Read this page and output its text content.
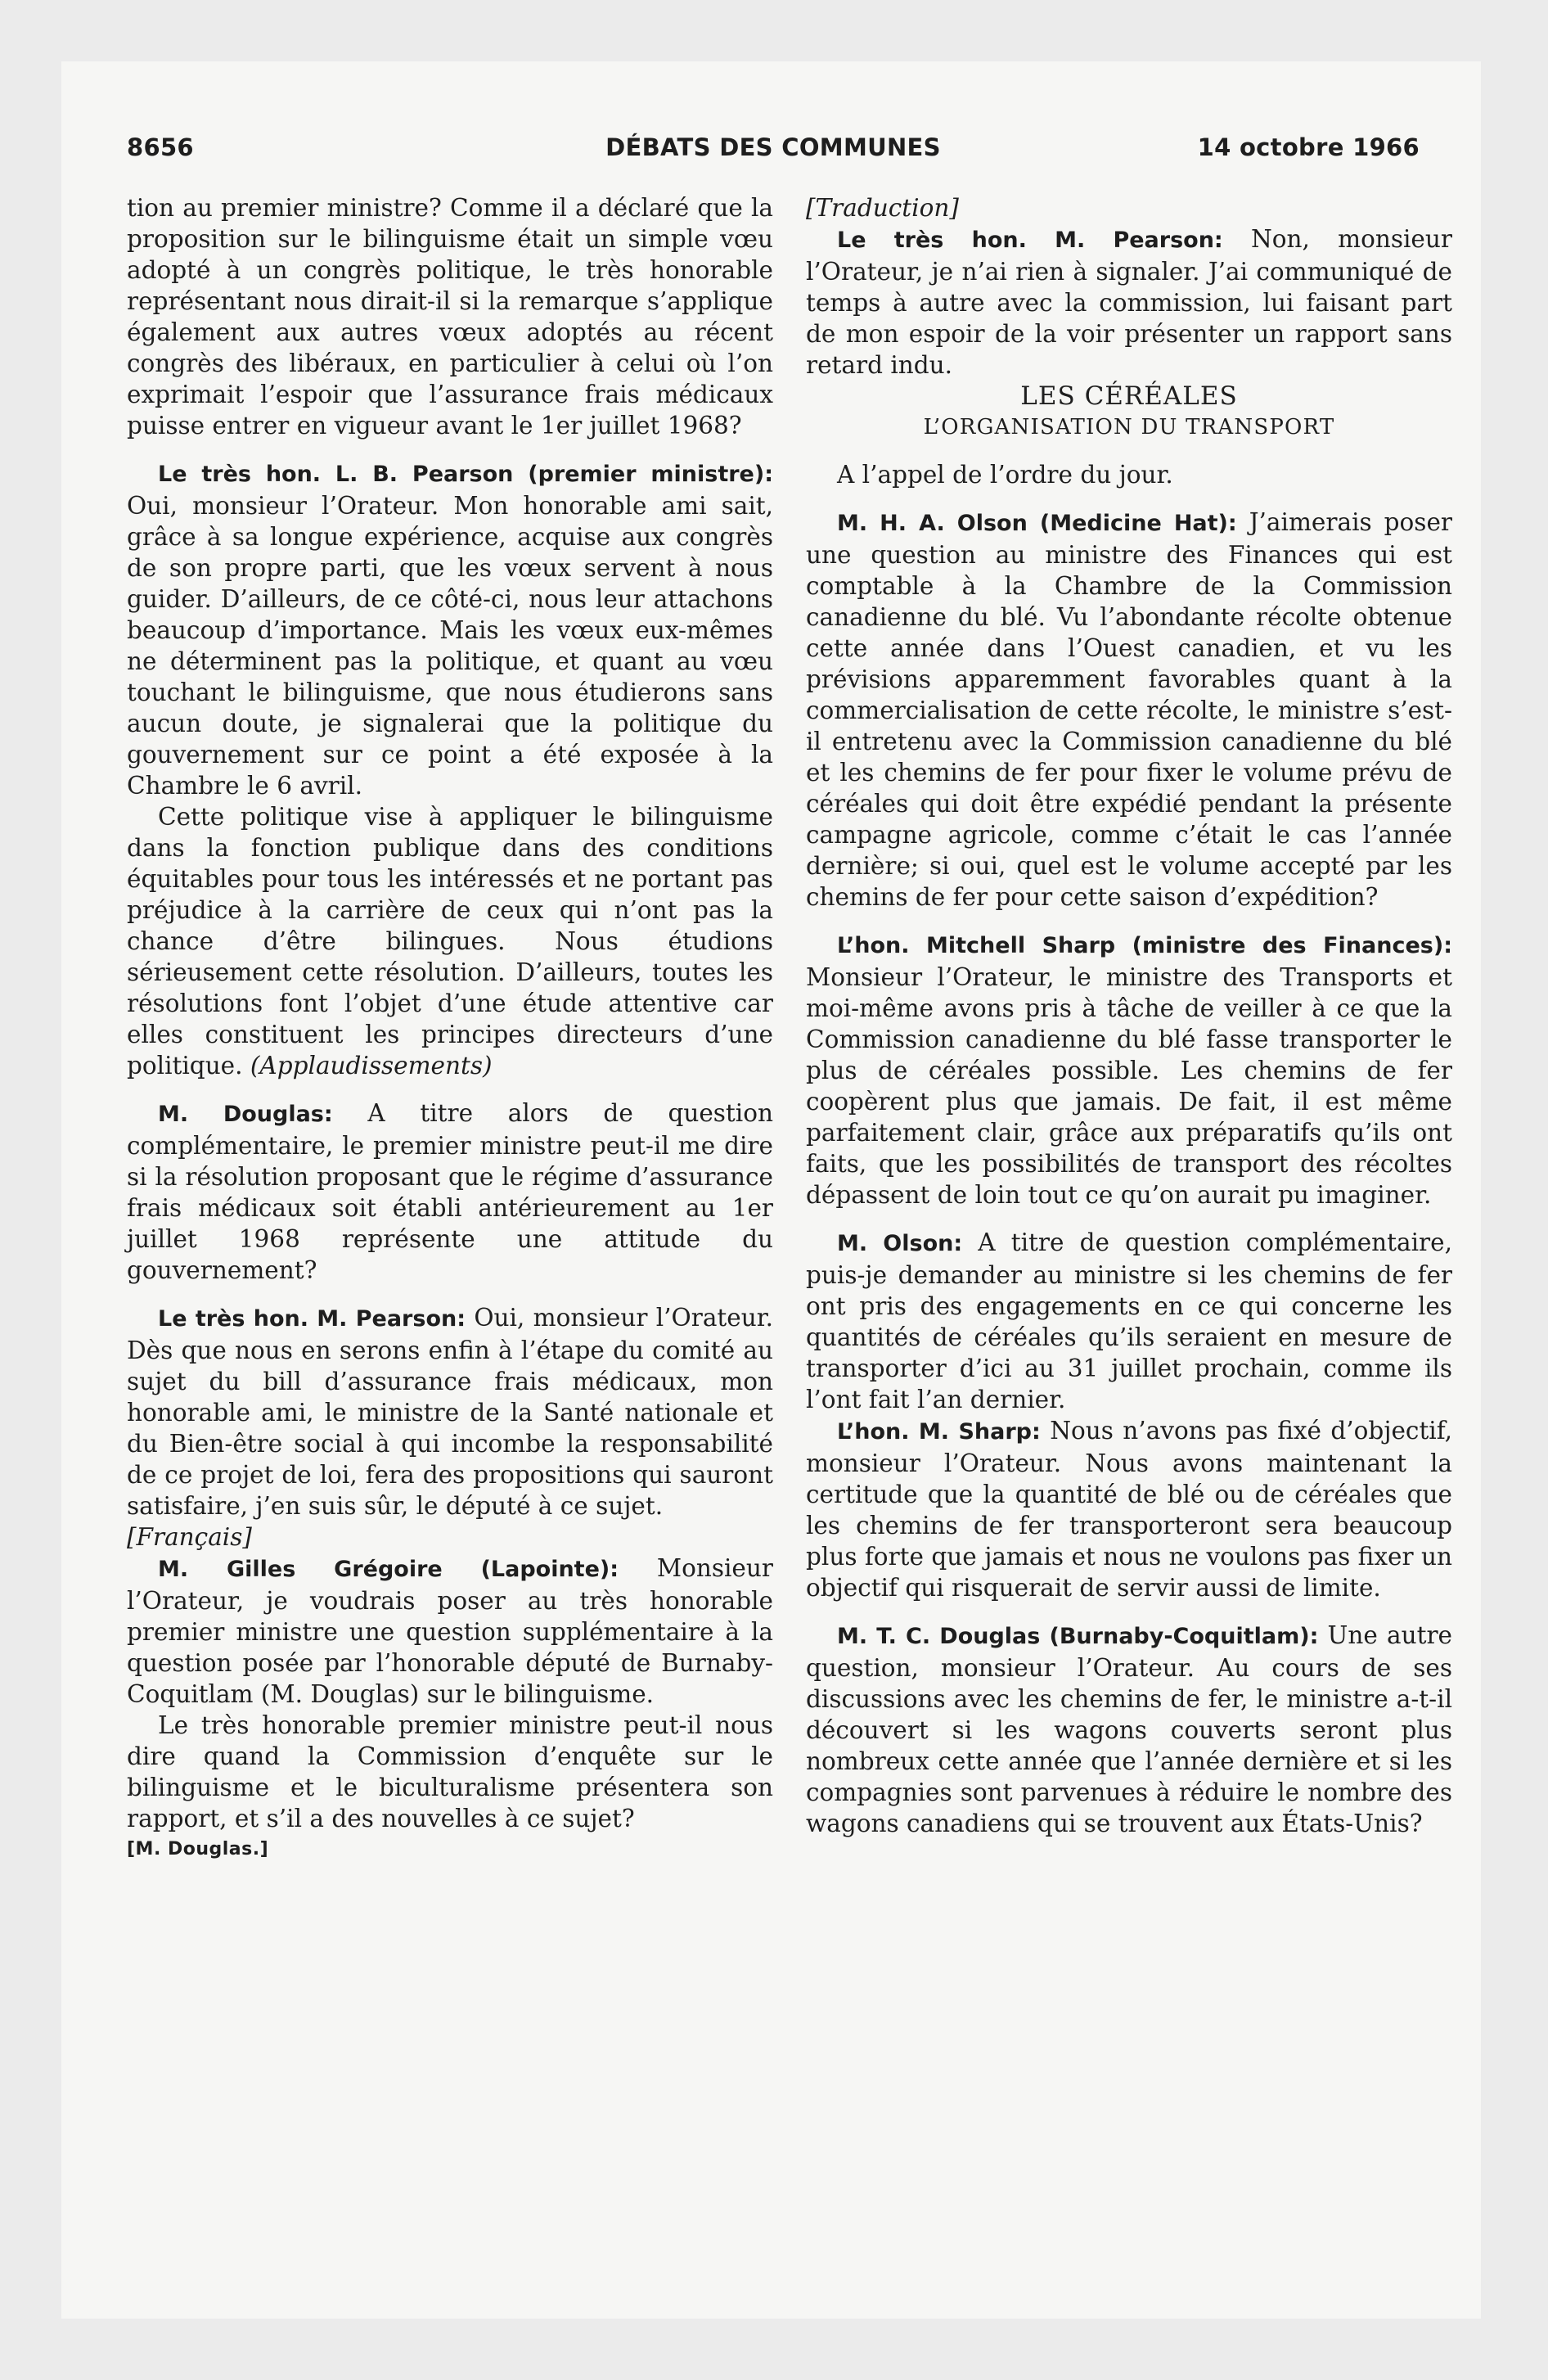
DÉBATS DES COMMUNES
8656	14 octobre 1966

tion au premier ministre? Comme il a déclaré que la proposition sur le bilinguisme était un simple vœu adopté à un congrès politique, le très honorable représentant nous dirait-il si la remarque s’applique également aux autres vœux adoptés au récent congrès des libéraux, en particulier à celui où l’on exprimait l’espoir que l’assurance frais médicaux puisse entrer en vigueur avant le 1er juillet 1968?

Le très hon. L. B. Pearson (premier ministre): Oui, monsieur l’Orateur. Mon honorable ami sait, grâce à sa longue expérience, acquise aux congrès de son propre parti, que les vœux servent à nous guider. D’ailleurs, de ce côté-ci, nous leur attachons beaucoup d’importance. Mais les vœux eux-mêmes ne déterminent pas la politique, et quant au vœu touchant le bilinguisme, que nous étudierons sans aucun doute, je signalerai que la politique du gouvernement sur ce point a été exposée à la Chambre le 6 avril.

Cette politique vise à appliquer le bilinguisme dans la fonction publique dans des conditions équitables pour tous les intéressés et ne portant pas préjudice à la carrière de ceux qui n’ont pas la chance d’être bilingues. Nous étudions sérieusement cette résolution. D’ailleurs, toutes les résolutions font l’objet d’une étude attentive car elles constituent les principes directeurs d’une politique. (Applaudissements)

M. Douglas: A titre alors de question complémentaire, le premier ministre peut-il me dire si la résolution proposant que le régime d’assurance frais médicaux soit établi antérieurement au 1er juillet 1968 représente une attitude du gouvernement?

Le très hon. M. Pearson: Oui, monsieur l’Orateur. Dès que nous en serons enfin à l’étape du comité au sujet du bill d’assurance frais médicaux, mon honorable ami, le ministre de la Santé nationale et du Bien-être social à qui incombe la responsabilité de ce projet de loi, fera des propositions qui sauront satisfaire, j’en suis sûr, le député à ce sujet.

[Français]

M. Gilles Grégoire (Lapointe): Monsieur l’Orateur, je voudrais poser au très honorable premier ministre une question supplémentaire à la question posée par l’honorable député de Burnaby-Coquitlam (M. Douglas) sur le bilinguisme.

Le très honorable premier ministre peut-il nous dire quand la Commission d’enquête sur le bilinguisme et le biculturalisme présentera son rapport, et s’il a des nouvelles à ce sujet?

[M. Douglas.]

[Traduction]

Le très hon. M. Pearson: Non, monsieur l’Orateur, je n’ai rien à signaler. J’ai communiqué de temps à autre avec la commission, lui faisant part de mon espoir de la voir présenter un rapport sans retard indu.

LES CÉRÉALES

L’ORGANISATION DU TRANSPORT

A l’appel de l’ordre du jour.

M. H. A. Olson (Medicine Hat): J’aimerais poser une question au ministre des Finances qui est comptable à la Chambre de la Commission canadienne du blé. Vu l’abondante récolte obtenue cette année dans l’Ouest canadien, et vu les prévisions apparemment favorables quant à la commercialisation de cette récolte, le ministre s’est-il entretenu avec la Commission canadienne du blé et les chemins de fer pour fixer le volume prévu de céréales qui doit être expédié pendant la présente campagne agricole, comme c’était le cas l’année dernière; si oui, quel est le volume accepté par les chemins de fer pour cette saison d’expédition?

L’hon. Mitchell Sharp (ministre des Finances): Monsieur l’Orateur, le ministre des Transports et moi-même avons pris à tâche de veiller à ce que la Commission canadienne du blé fasse transporter le plus de céréales possible. Les chemins de fer coopèrent plus que jamais. De fait, il est même parfaitement clair, grâce aux préparatifs qu’ils ont faits, que les possibilités de transport des récoltes dépassent de loin tout ce qu’on aurait pu imaginer.

M. Olson: A titre de question complémentaire, puis-je demander au ministre si les chemins de fer ont pris des engagements en ce qui concerne les quantités de céréales qu’ils seraient en mesure de transporter d’ici au 31 juillet prochain, comme ils l’ont fait l’an dernier.

L’hon. M. Sharp: Nous n’avons pas fixé d’objectif, monsieur l’Orateur. Nous avons maintenant la certitude que la quantité de blé ou de céréales que les chemins de fer transporteront sera beaucoup plus forte que jamais et nous ne voulons pas fixer un objectif qui risquerait de servir aussi de limite.

M. T. C. Douglas (Burnaby-Coquitlam): Une autre question, monsieur l’Orateur. Au cours de ses discussions avec les chemins de fer, le ministre a-t-il découvert si les wagons couverts seront plus nombreux cette année que l’année dernière et si les compagnies sont parvenues à réduire le nombre des wagons canadiens qui se trouvent aux États-Unis?
